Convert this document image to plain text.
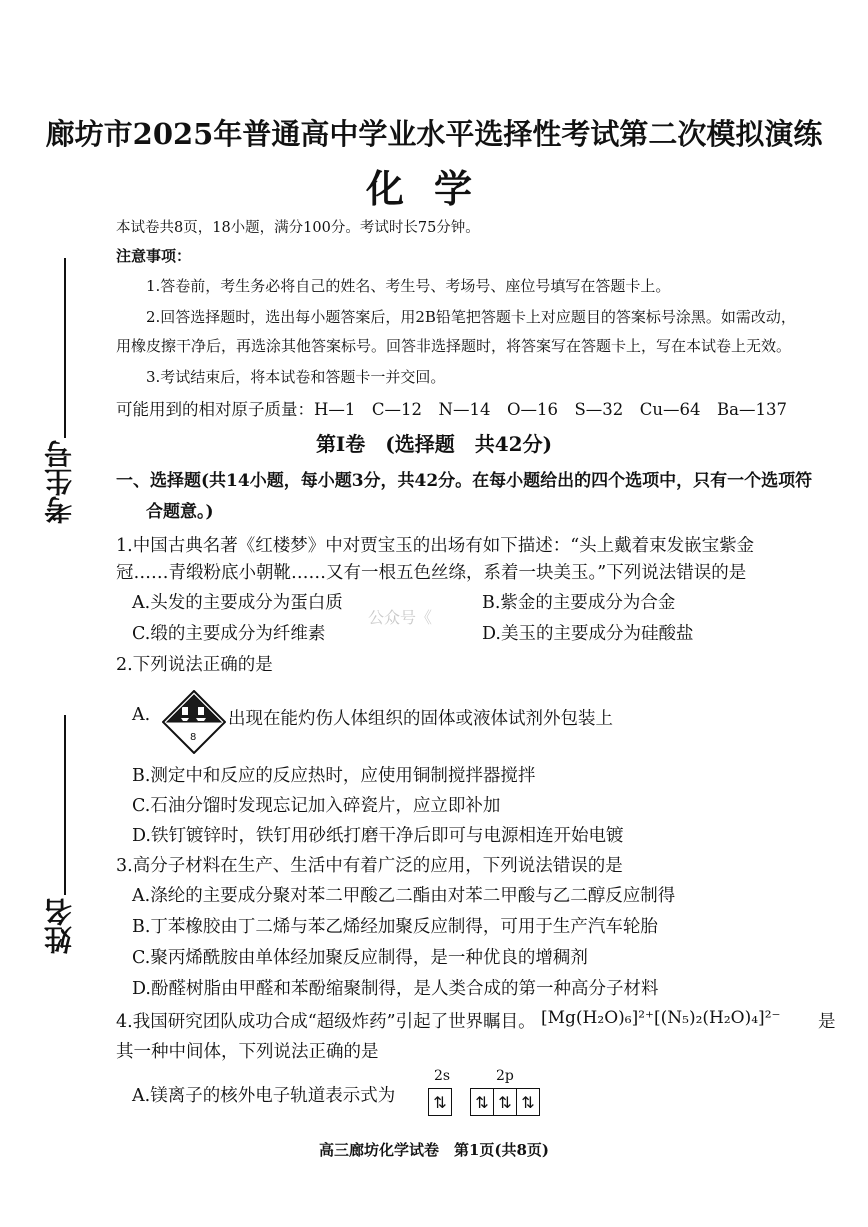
考生号
姓名
廊坊市2025年普通高中学业水平选择性考试第二次模拟演练
化学
本试卷共8页，18小题，满分100分。考试时长75分钟。
注意事项：
1.答卷前，考生务必将自己的姓名、考生号、考场号、座位号填写在答题卡上。
2.回答选择题时，选出每小题答案后，用2B铅笔把答题卡上对应题目的答案标号涂黑。如需改动，
用橡皮擦干净后，再选涂其他答案标号。回答非选择题时，将答案写在答题卡上，写在本试卷上无效。
3.考试结束后，将本试卷和答题卡一并交回。
可能用到的相对原子质量：H—1　C—12　N—14　O—16　S—32　Cu—64　Ba—137
第Ⅰ卷　(选择题　共42分)
一、选择题(共14小题，每小题3分，共42分。在每小题给出的四个选项中，只有一个选项符
合题意。)
1.中国古典名著《红楼梦》中对贾宝玉的出场有如下描述：“头上戴着束发嵌宝紫金
冠……青缎粉底小朝靴……又有一根五色丝绦，系着一块美玉。”下列说法错误的是
A.头发的主要成分为蛋白质	B.紫金的主要成分为合金
C.缎的主要成分为纤维素	D.美玉的主要成分为硅酸盐
公众号《
2.下列说法正确的是
A.
8
出现在能灼伤人体组织的固体或液体试剂外包装上
B.测定中和反应的反应热时，应使用铜制搅拌器搅拌
C.石油分馏时发现忘记加入碎瓷片，应立即补加
D.铁钉镀锌时，铁钉用砂纸打磨干净后即可与电源相连开始电镀
3.高分子材料在生产、生活中有着广泛的应用，下列说法错误的是
A.涤纶的主要成分聚对苯二甲酸乙二酯由对苯二甲酸与乙二醇反应制得
B.丁苯橡胶由丁二烯与苯乙烯经加聚反应制得，可用于生产汽车轮胎
C.聚丙烯酰胺由单体经加聚反应制得，是一种优良的增稠剂
D.酚醛树脂由甲醛和苯酚缩聚制得，是人类合成的第一种高分子材料
4.我国研究团队成功合成“超级炸药”引起了世界瞩目。 [Mg(H₂O)₆]²⁺[(N₅)₂(H₂O)₄]²⁻ 是
其一种中间体，下列说法正确的是
A.镁离子的核外电子轨道表示式为
2s	2p
⇅ ⇅ ⇅ ⇅
高三廊坊化学试卷　第1页(共8页)
